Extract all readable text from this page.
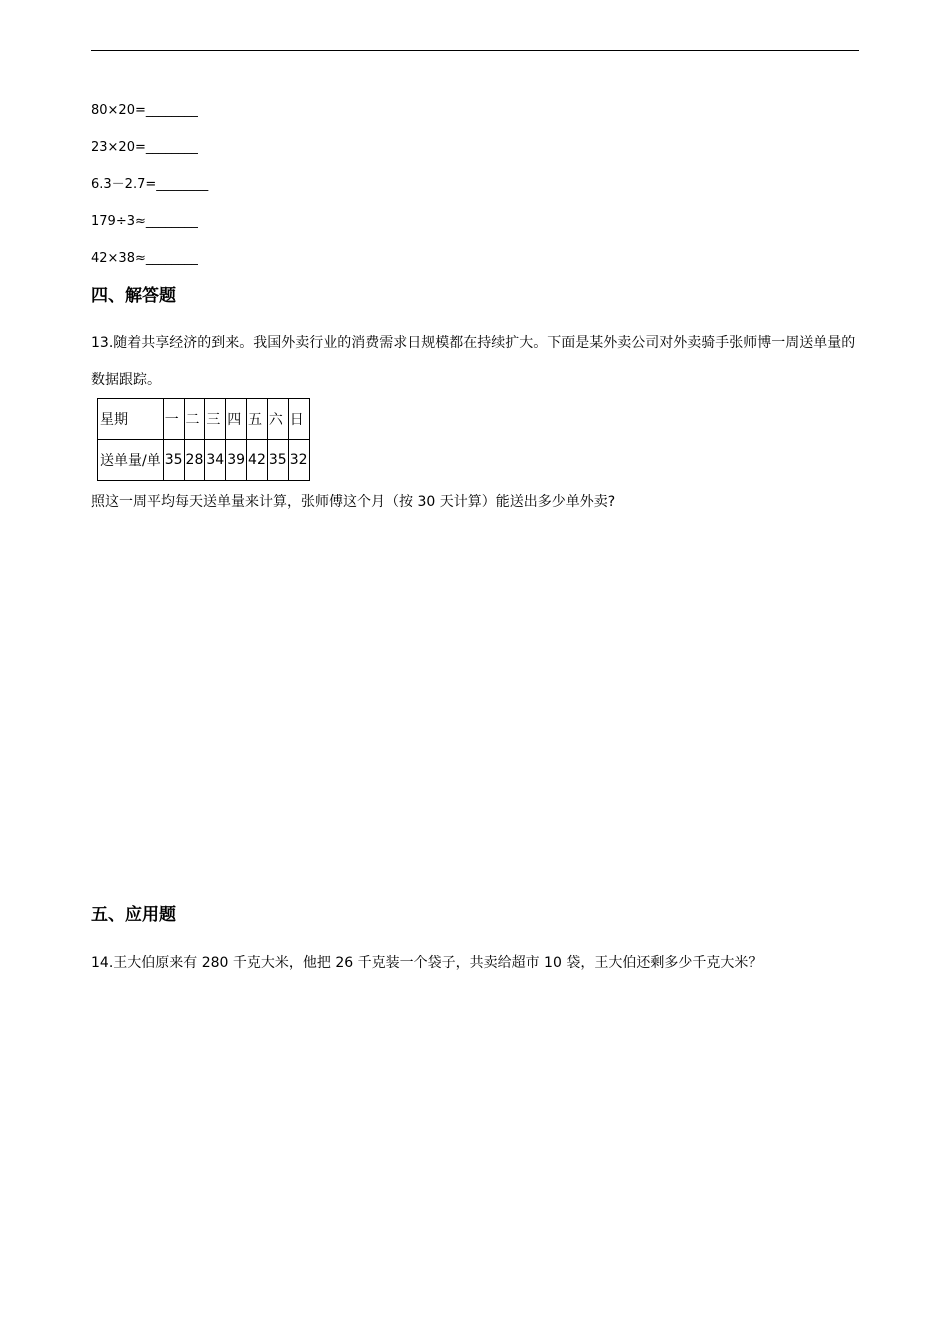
80×20=________
23×20=________
6.3－2.7=________
179÷3≈________
42×38≈________
四、解答题
13.随着共享经济的到来。我国外卖行业的消费需求日规模都在持续扩大。下面是某外卖公司对外卖骑手张师博一周送单量的数据跟踪。
星期	一	二	三	四	五	六	日
送单量/单	35	28	34	39	42	35	32
照这一周平均每天送单量来计算，张师傅这个月（按 30 天计算）能送出多少单外卖?
五、应用题
14.王大伯原来有 280 千克大米，他把 26 千克装一个袋子，共卖给超市 10 袋，王大伯还剩多少千克大米？
